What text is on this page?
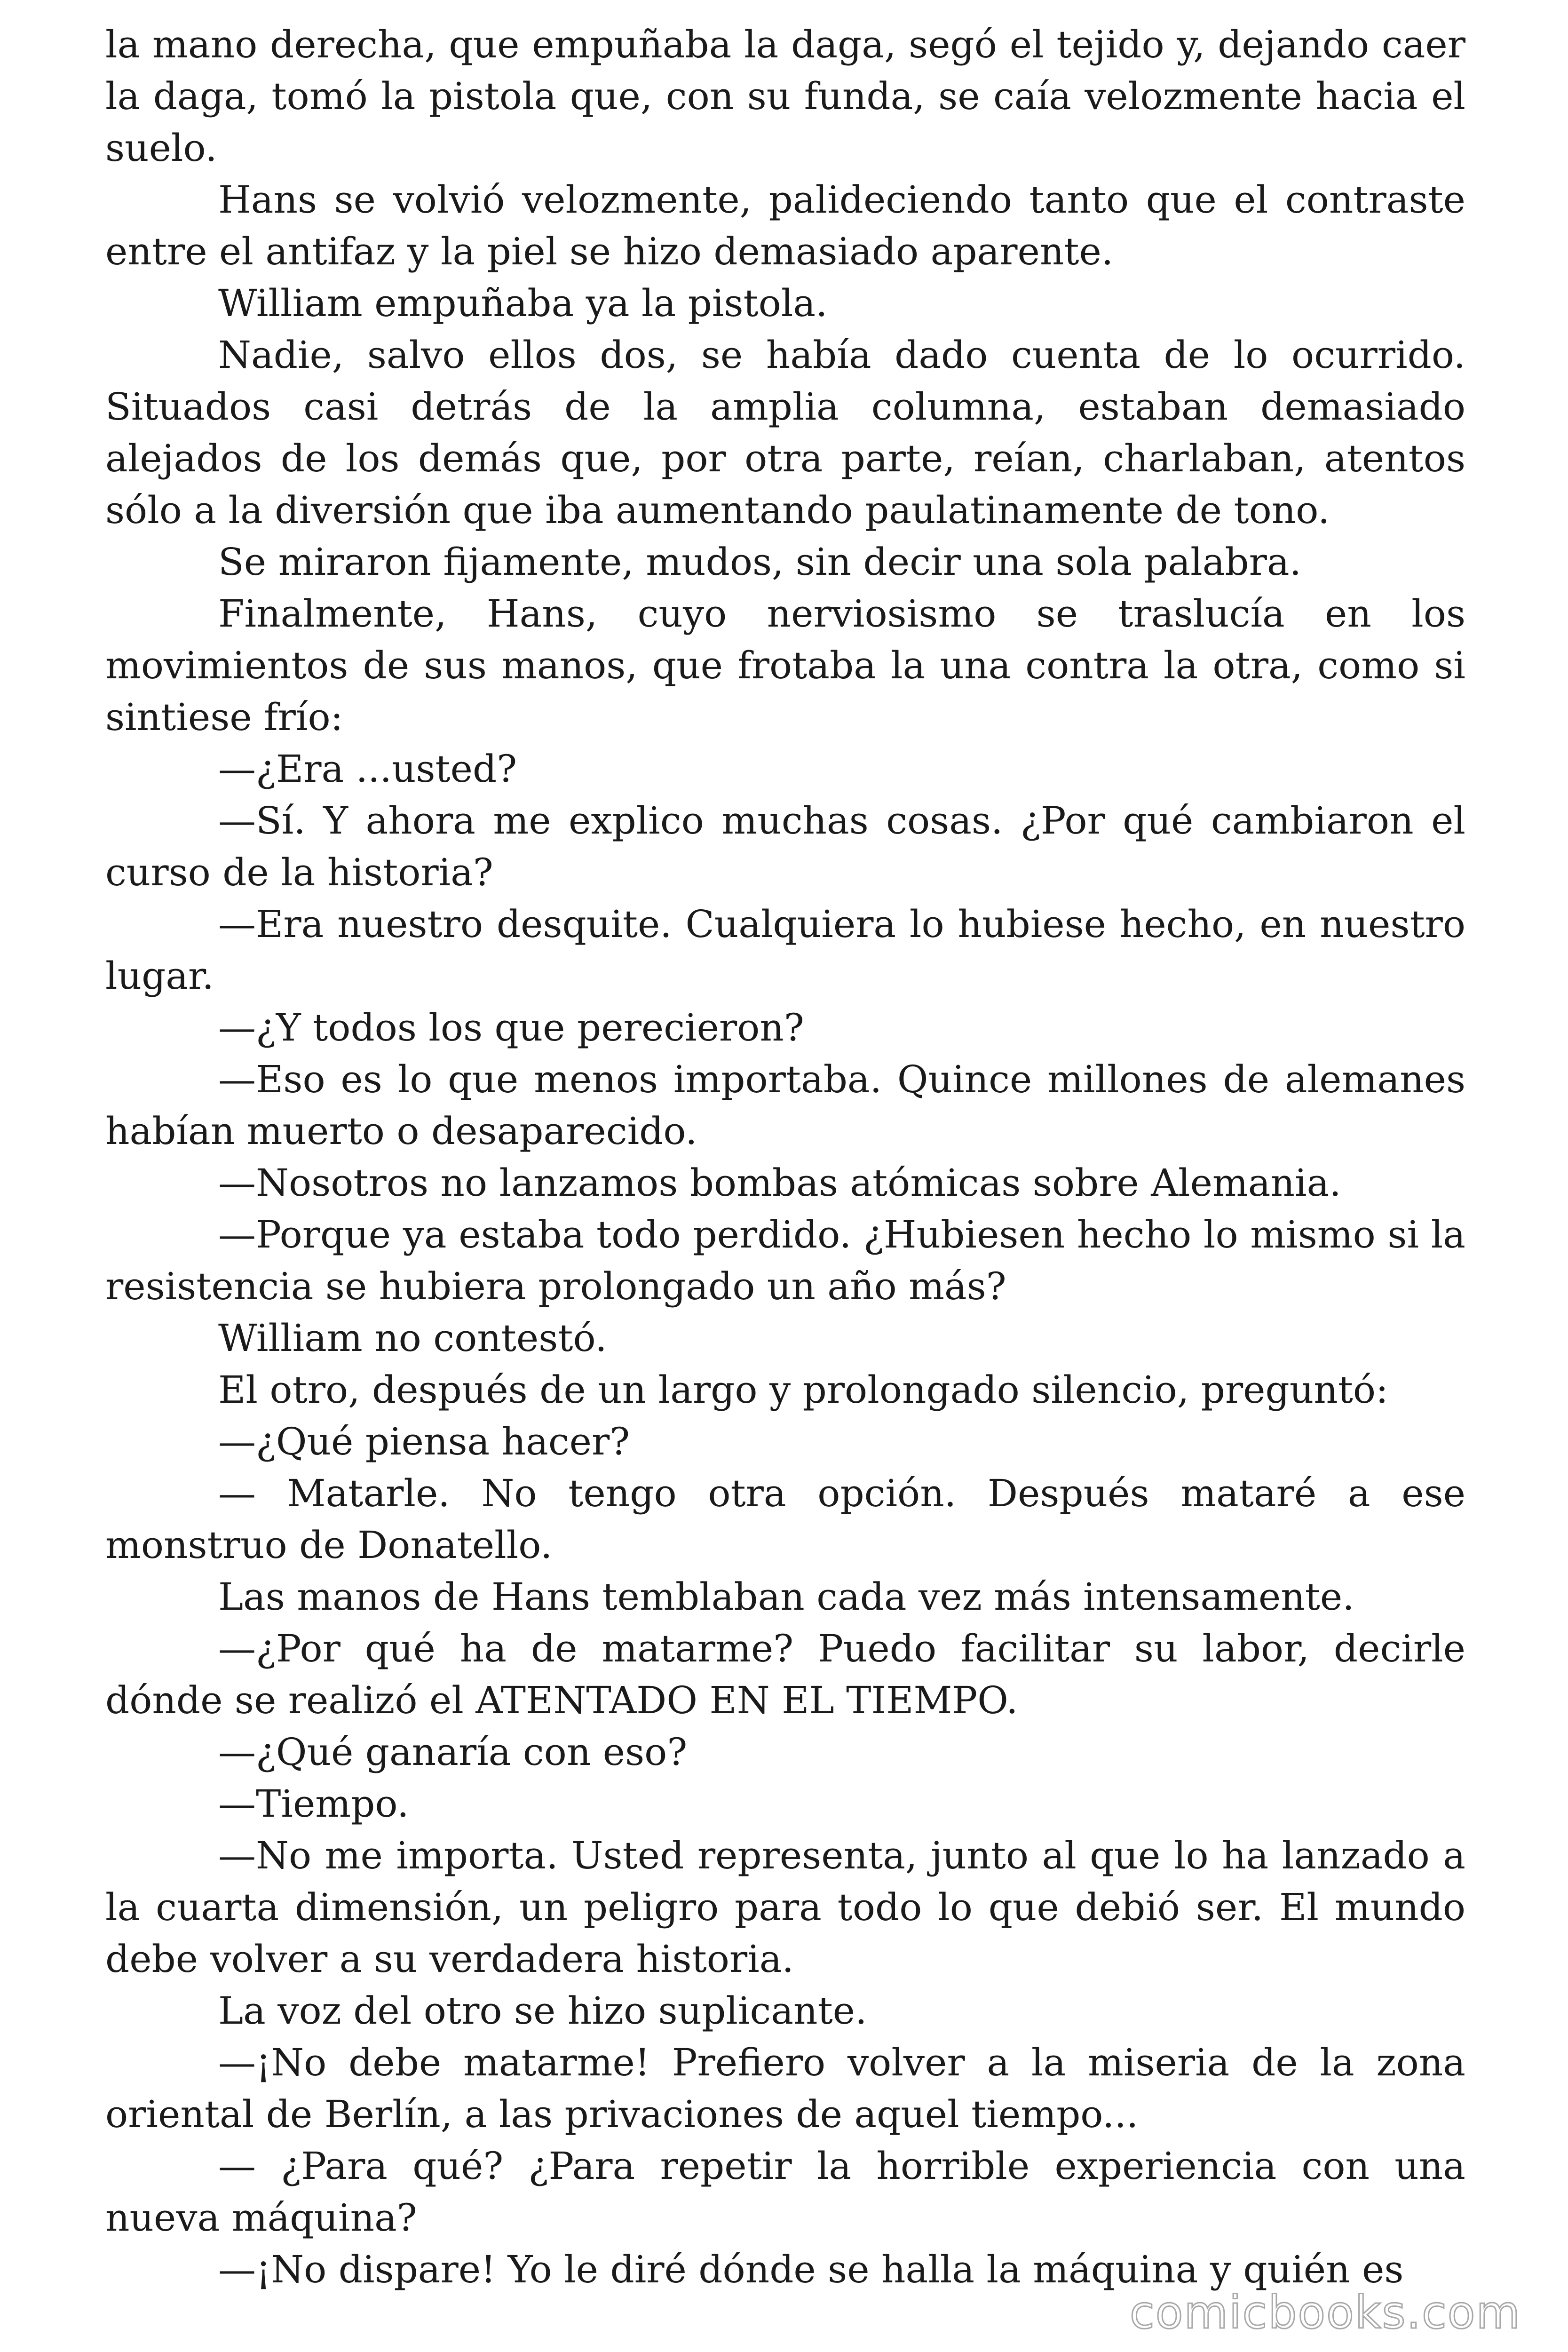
la mano derecha, que empuñaba la daga, segó el tejido y, dejando caer la daga, tomó la pistola que, con su funda, se caía velozmente hacia el suelo.

Hans se volvió velozmente, palideciendo tanto que el contraste entre el antifaz y la piel se hizo demasiado aparente.

William empuñaba ya la pistola.

Nadie, salvo ellos dos, se había dado cuenta de lo ocurrido. Situados casi detrás de la amplia columna, estaban demasiado alejados de los demás que, por otra parte, reían, charlaban, atentos sólo a la diversión que iba aumentando paulatinamente de tono.

Se miraron fijamente, mudos, sin decir una sola palabra.

Finalmente, Hans, cuyo nerviosismo se traslucía en los movimientos de sus manos, que frotaba la una contra la otra, como si sintiese frío:

—¿Era ...usted?

—Sí. Y ahora me explico muchas cosas. ¿Por qué cambiaron el curso de la historia?

—Era nuestro desquite. Cualquiera lo hubiese hecho, en nuestro lugar.

—¿Y todos los que perecieron?

—Eso es lo que menos importaba. Quince millones de alemanes habían muerto o desaparecido.

—Nosotros no lanzamos bombas atómicas sobre Alemania.

—Porque ya estaba todo perdido. ¿Hubiesen hecho lo mismo si la resistencia se hubiera prolongado un año más?

William no contestó.

El otro, después de un largo y prolongado silencio, preguntó:

—¿Qué piensa hacer?

— Matarle. No tengo otra opción. Después mataré a ese monstruo de Donatello.

Las manos de Hans temblaban cada vez más intensamente.

—¿Por qué ha de matarme? Puedo facilitar su labor, decirle dónde se realizó el ATENTADO EN EL TIEMPO.

—¿Qué ganaría con eso?

—Tiempo.

—No me importa. Usted representa, junto al que lo ha lanzado a la cuarta dimensión, un peligro para todo lo que debió ser. El mundo debe volver a su verdadera historia.

La voz del otro se hizo suplicante.

—¡No debe matarme! Prefiero volver a la miseria de la zona oriental de Berlín, a las privaciones de aquel tiempo...

— ¿Para qué? ¿Para repetir la horrible experiencia con una nueva máquina?

—¡No dispare! Yo le diré dónde se halla la máquina y quién es

comicbooks.com
